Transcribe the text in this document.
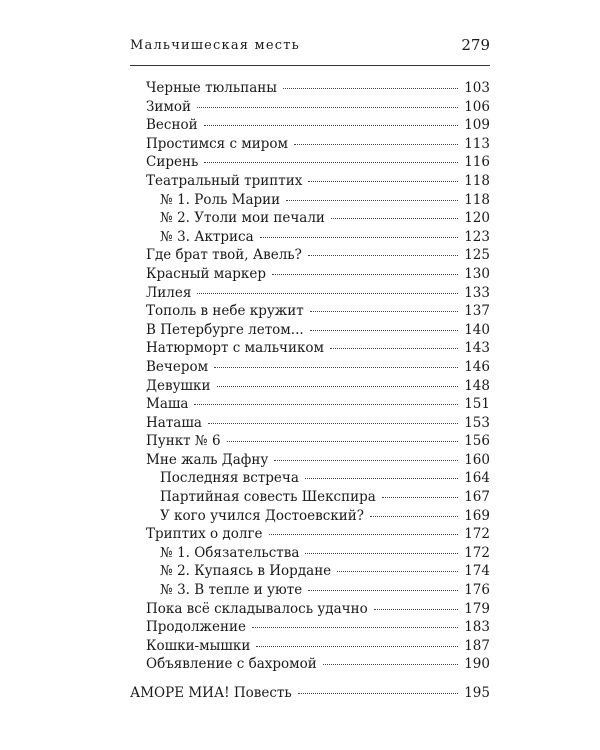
Мальчишеская месть	279
Черные тюльпаны	103
Зимой	106
Весной	109
Простимся с миром	113
Сирень	116
Театральный триптих	118
№ 1. Роль Марии	118
№ 2. Утоли мои печали	120
№ 3. Актриса	123
Где брат твой, Авель?	125
Красный маркер	130
Лилея	133
Тополь в небе кружит	137
В Петербурге летом...	140
Натюрморт с мальчиком	143
Вечером	146
Девушки	148
Маша	151
Наташа	153
Пункт № 6	156
Мне жаль Дафну	160
Последняя встреча	164
Партийная совесть Шекспира	167
У кого учился Достоевский?	169
Триптих о долге	172
№ 1. Обязательства	172
№ 2. Купаясь в Иордане	174
№ 3. В тепле и уюте	176
Пока всё складывалось удачно	179
Продолжение	183
Кошки-мышки	187
Объявление с бахромой	190
АМОРЕ МИА! Повесть	195
